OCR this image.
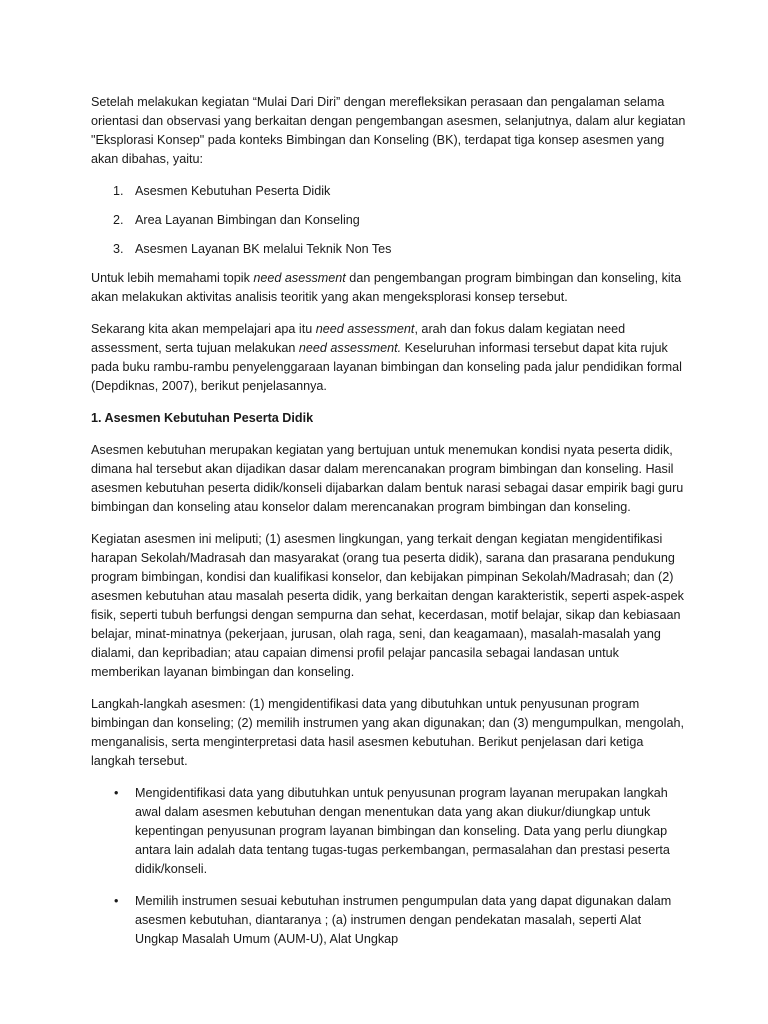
Setelah melakukan kegiatan “Mulai Dari Diri” dengan merefleksikan perasaan dan pengalaman selama orientasi dan observasi yang berkaitan dengan pengembangan asesmen, selanjutnya, dalam alur kegiatan "Eksplorasi Konsep" pada konteks Bimbingan dan Konseling (BK), terdapat tiga konsep asesmen yang akan dibahas, yaitu:

1. Asesmen Kebutuhan Peserta Didik
2. Area Layanan Bimbingan dan Konseling
3. Asesmen Layanan BK melalui Teknik Non Tes

Untuk lebih memahami topik need asessment dan pengembangan program bimbingan dan konseling, kita akan melakukan aktivitas analisis teoritik yang akan mengeksplorasi konsep tersebut.

Sekarang kita akan mempelajari apa itu need assessment, arah dan fokus dalam kegiatan need assessment, serta tujuan melakukan need assessment. Keseluruhan informasi tersebut dapat kita rujuk pada buku rambu-rambu penyelenggaraan layanan bimbingan dan konseling pada jalur pendidikan formal (Depdiknas, 2007), berikut penjelasannya.

1. Asesmen Kebutuhan Peserta Didik

Asesmen kebutuhan merupakan kegiatan yang bertujuan untuk menemukan kondisi nyata peserta didik, dimana hal tersebut akan dijadikan dasar dalam merencanakan program bimbingan dan konseling. Hasil asesmen kebutuhan peserta didik/konseli dijabarkan dalam bentuk narasi sebagai dasar empirik bagi guru bimbingan dan konseling atau konselor dalam merencanakan program bimbingan dan konseling.

Kegiatan asesmen ini meliputi; (1) asesmen lingkungan, yang terkait dengan kegiatan mengidentifikasi harapan Sekolah/Madrasah dan masyarakat (orang tua peserta didik), sarana dan prasarana pendukung program bimbingan, kondisi dan kualifikasi konselor, dan kebijakan pimpinan Sekolah/Madrasah; dan (2) asesmen kebutuhan atau masalah peserta didik, yang berkaitan dengan karakteristik, seperti aspek-aspek fisik, seperti tubuh berfungsi dengan sempurna dan sehat, kecerdasan, motif belajar, sikap dan kebiasaan belajar, minat-minatnya (pekerjaan, jurusan, olah raga, seni, dan keagamaan), masalah-masalah yang dialami, dan kepribadian; atau capaian dimensi profil pelajar pancasila sebagai landasan untuk memberikan layanan bimbingan dan konseling.

Langkah-langkah asesmen: (1) mengidentifikasi data yang dibutuhkan untuk penyusunan program bimbingan dan konseling; (2) memilih instrumen yang akan digunakan; dan (3) mengumpulkan, mengolah, menganalisis, serta menginterpretasi data hasil asesmen kebutuhan. Berikut penjelasan dari ketiga langkah tersebut.

• Mengidentifikasi data yang dibutuhkan untuk penyusunan program layanan merupakan langkah awal dalam asesmen kebutuhan dengan menentukan data yang akan diukur/diungkap untuk kepentingan penyusunan program layanan bimbingan dan konseling. Data yang perlu diungkap antara lain adalah data tentang tugas-tugas perkembangan, permasalahan dan prestasi peserta didik/konseli.
• Memilih instrumen sesuai kebutuhan instrumen pengumpulan data yang dapat digunakan dalam asesmen kebutuhan, diantaranya ; (a) instrumen dengan pendekatan masalah, seperti Alat Ungkap Masalah Umum (AUM-U), Alat Ungkap
